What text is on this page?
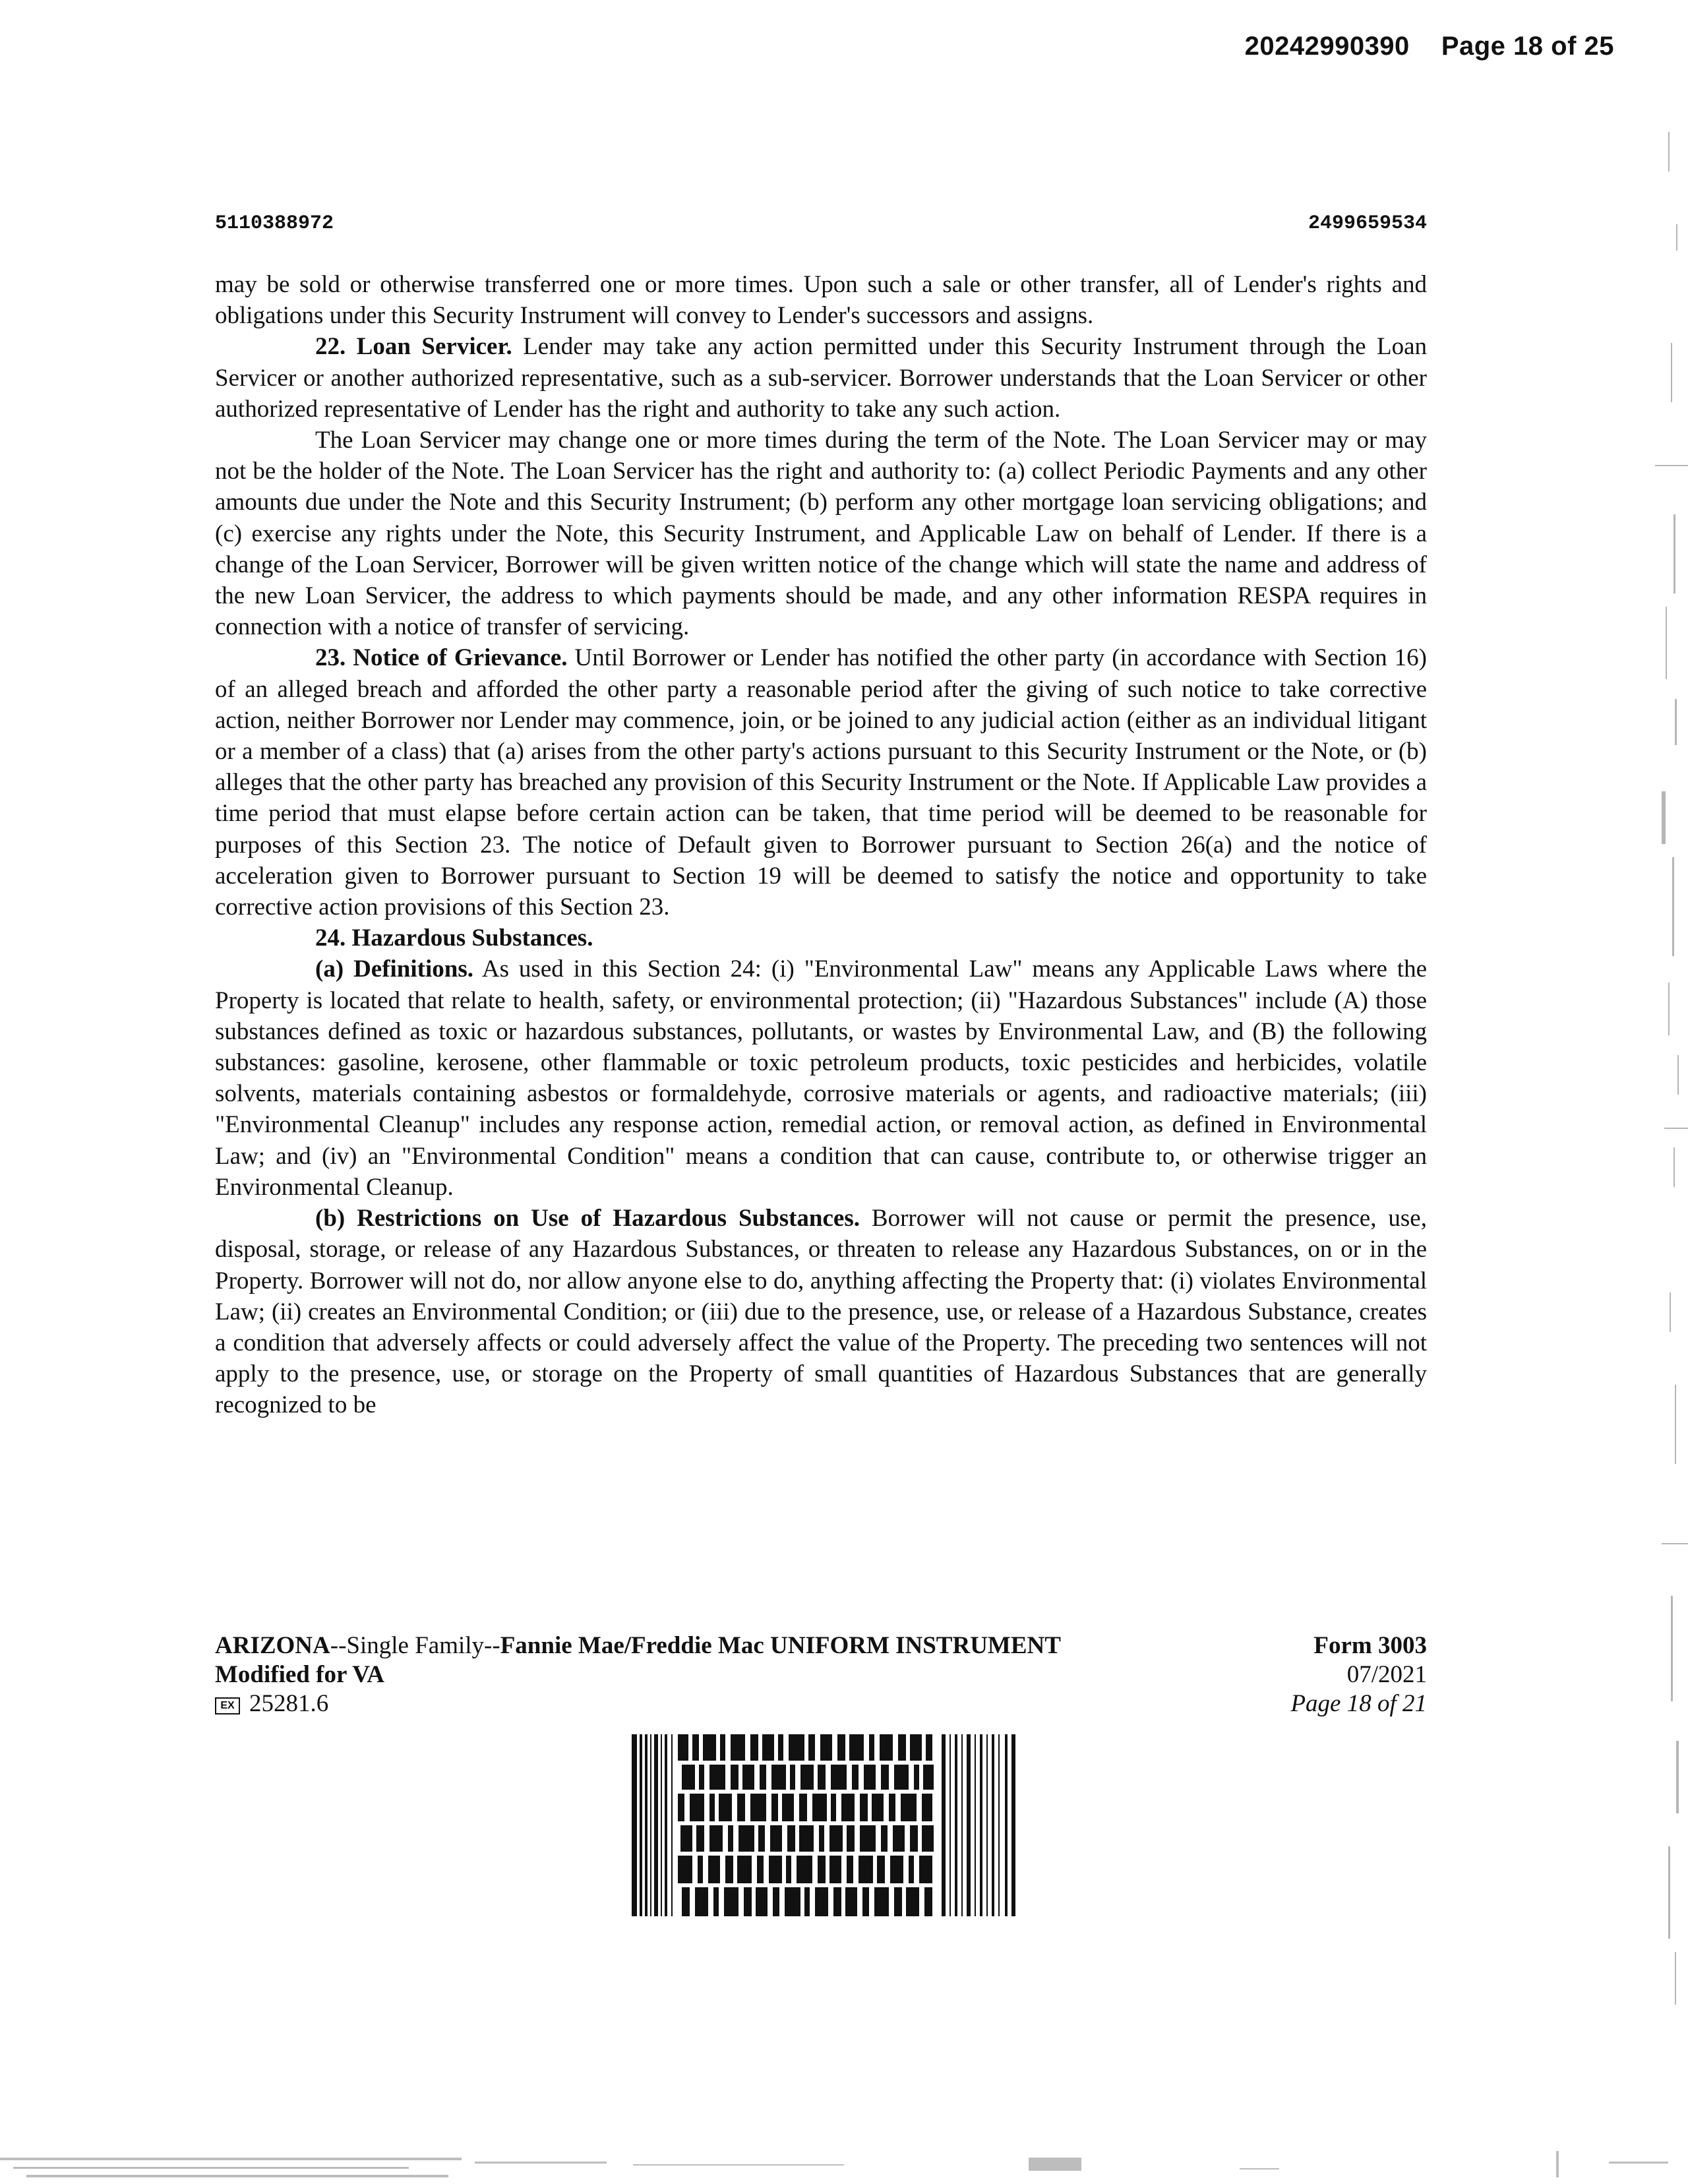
20242990390 Page 18 of 25
5110388972	2499659534

may be sold or otherwise transferred one or more times. Upon such a sale or other transfer, all of Lender's rights and obligations under this Security Instrument will convey to Lender's successors and assigns.

22. Loan Servicer. Lender may take any action permitted under this Security Instrument through the Loan Servicer or another authorized representative, such as a sub-servicer. Borrower understands that the Loan Servicer or other authorized representative of Lender has the right and authority to take any such action.

The Loan Servicer may change one or more times during the term of the Note. The Loan Servicer may or may not be the holder of the Note. The Loan Servicer has the right and authority to: (a) collect Periodic Payments and any other amounts due under the Note and this Security Instrument; (b) perform any other mortgage loan servicing obligations; and (c) exercise any rights under the Note, this Security Instrument, and Applicable Law on behalf of Lender. If there is a change of the Loan Servicer, Borrower will be given written notice of the change which will state the name and address of the new Loan Servicer, the address to which payments should be made, and any other information RESPA requires in connection with a notice of transfer of servicing.

23. Notice of Grievance. Until Borrower or Lender has notified the other party (in accordance with Section 16) of an alleged breach and afforded the other party a reasonable period after the giving of such notice to take corrective action, neither Borrower nor Lender may commence, join, or be joined to any judicial action (either as an individual litigant or a member of a class) that (a) arises from the other party's actions pursuant to this Security Instrument or the Note, or (b) alleges that the other party has breached any provision of this Security Instrument or the Note. If Applicable Law provides a time period that must elapse before certain action can be taken, that time period will be deemed to be reasonable for purposes of this Section 23. The notice of Default given to Borrower pursuant to Section 26(a) and the notice of acceleration given to Borrower pursuant to Section 19 will be deemed to satisfy the notice and opportunity to take corrective action provisions of this Section 23.

24. Hazardous Substances.

(a) Definitions. As used in this Section 24: (i) "Environmental Law" means any Applicable Laws where the Property is located that relate to health, safety, or environmental protection; (ii) "Hazardous Substances" include (A) those substances defined as toxic or hazardous substances, pollutants, or wastes by Environmental Law, and (B) the following substances: gasoline, kerosene, other flammable or toxic petroleum products, toxic pesticides and herbicides, volatile solvents, materials containing asbestos or formaldehyde, corrosive materials or agents, and radioactive materials; (iii) "Environmental Cleanup" includes any response action, remedial action, or removal action, as defined in Environmental Law; and (iv) an "Environmental Condition" means a condition that can cause, contribute to, or otherwise trigger an Environmental Cleanup.

(b) Restrictions on Use of Hazardous Substances. Borrower will not cause or permit the presence, use, disposal, storage, or release of any Hazardous Substances, or threaten to release any Hazardous Substances, on or in the Property. Borrower will not do, nor allow anyone else to do, anything affecting the Property that: (i) violates Environmental Law; (ii) creates an Environmental Condition; or (iii) due to the presence, use, or release of a Hazardous Substance, creates a condition that adversely affects or could adversely affect the value of the Property. The preceding two sentences will not apply to the presence, use, or storage on the Property of small quantities of Hazardous Substances that are generally recognized to be

ARIZONA--Single Family--Fannie Mae/Freddie Mac UNIFORM INSTRUMENT
Modified for VA
EX 25281.6
Form 3003
07/2021
Page 18 of 21
